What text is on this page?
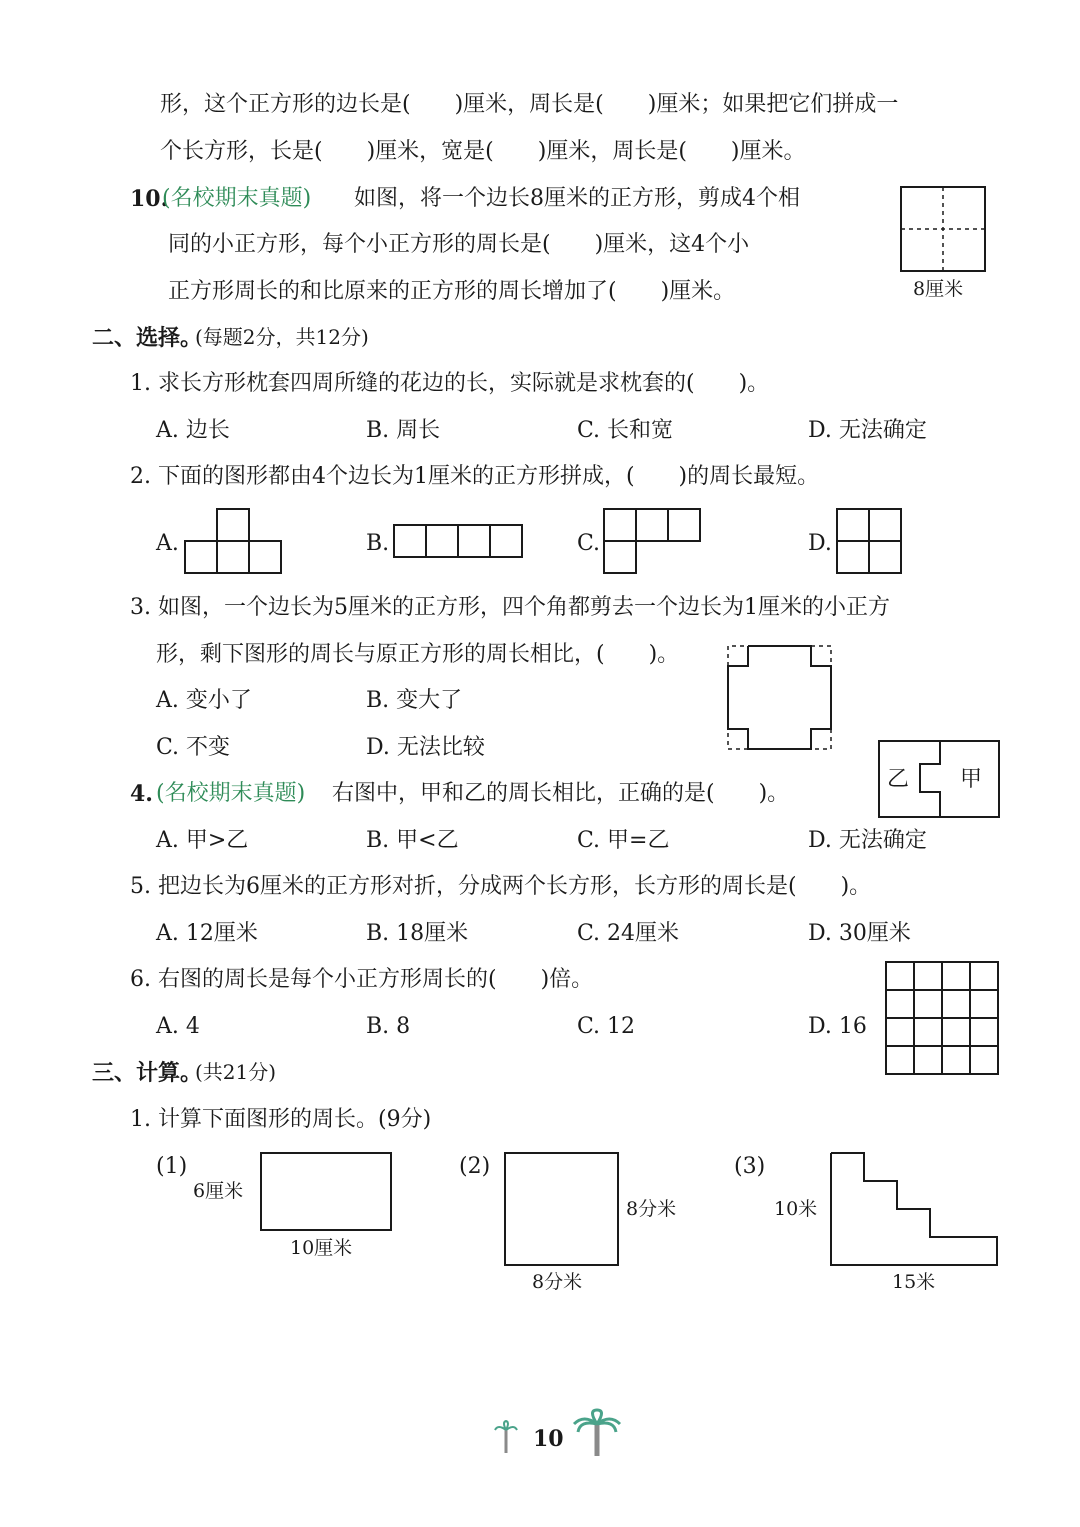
形，这个正方形的边长是(　　)厘米，周长是(　　)厘米；如果把它们拼成一
个长方形，长是(　　)厘米，宽是(　　)厘米，周长是(　　)厘米。
10.
(名校期末真题) 如图，将一个边长8厘米的正方形，剪成4个相
同的小正方形，每个小正方形的周长是(　　)厘米，这4个小
正方形周长的和比原来的正方形的周长增加了(　　)厘米。	8厘米
二、选择。
(每题2分，共12分)
1. 求长方形枕套四周所缝的花边的长，实际就是求枕套的(　　)。
A. 边长	B. 周长	C. 长和宽	D. 无法确定
2. 下面的图形都由4个边长为1厘米的正方形拼成，(　　)的周长最短。
A.	B.	C.	D.
3. 如图，一个边长为5厘米的正方形，四个角都剪去一个边长为1厘米的小正方
形，剩下图形的周长与原正方形的周长相比，(　　)。
A. 变小了	B. 变大了
C. 不变	D. 无法比较
4. (名校期末真题) 右图中，甲和乙的周长相比，正确的是(　　)。
乙 甲
A. 甲>乙	B. 甲<乙	C. 甲=乙	D. 无法确定
5. 把边长为6厘米的正方形对折，分成两个长方形，长方形的周长是(　　)。
A. 12厘米	B. 18厘米	C. 24厘米	D. 30厘米
6. 右图的周长是每个小正方形周长的(　　)倍。
A. 4	B. 8	C. 12	D. 16
三、计算。
(共21分)
1. 计算下面图形的周长。(9分)
(1)
6厘米
10厘米
(2)
8分米
8分米
(3)
10米
15米
10
